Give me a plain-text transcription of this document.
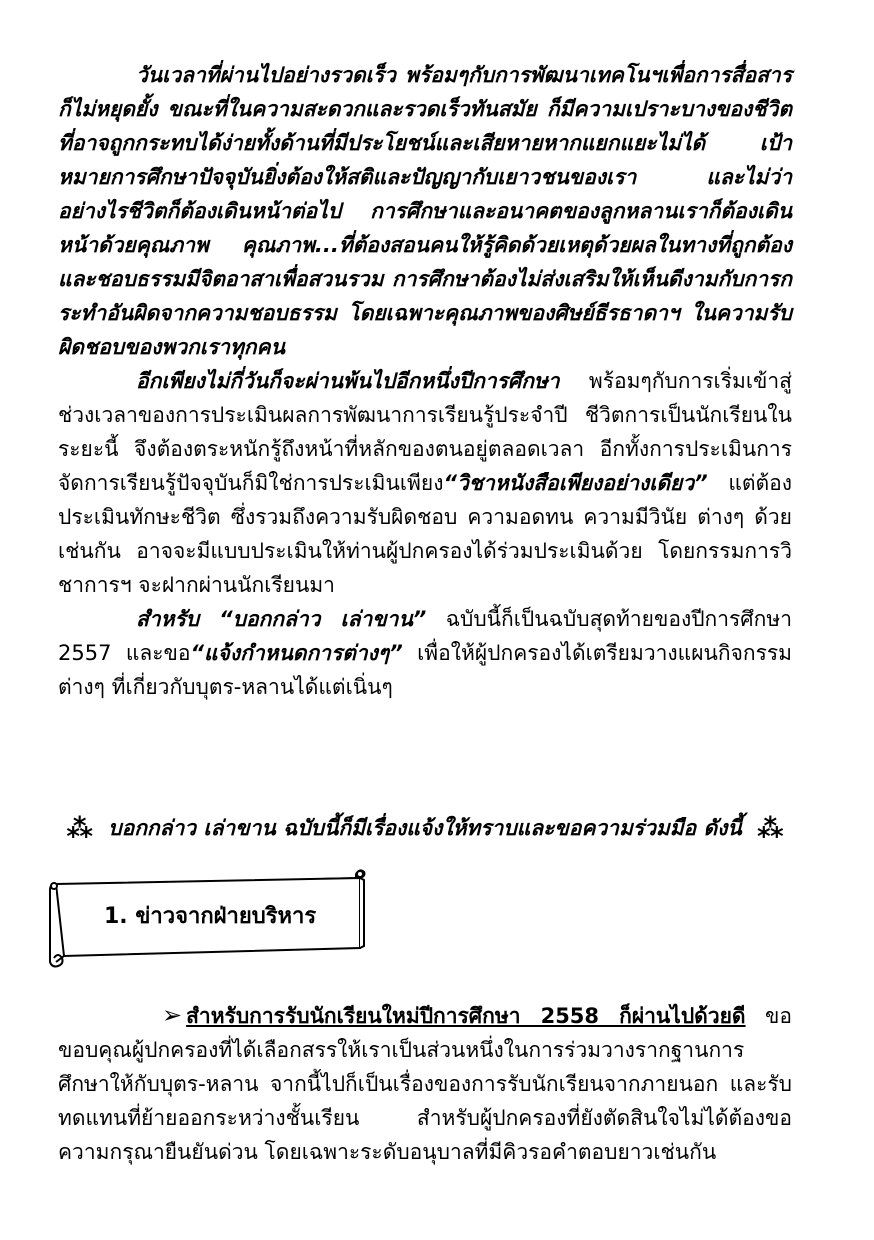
วันเวลาที่ผ่านไปอย่างรวดเร็ว พร้อมๆกับการพัฒนาเทคโนฯเพื่อการสื่อสารก็ไม่หยุดยั้ง ขณะที่ในความสะดวกและรวดเร็วทันสมัย ก็มีความเปราะบางของชีวิตที่อาจถูกกระทบได้ง่ายทั้งด้านที่มีประโยชน์และเสียหายหากแยกแยะไม่ได้ เป้าหมายการศึกษาปัจจุบันยิ่งต้องให้สติและปัญญากับเยาวชนของเรา และไม่ว่าอย่างไรชีวิตก็ต้องเดินหน้าต่อไป การศึกษาและอนาคตของลูกหลานเราก็ต้องเดินหน้าด้วยคุณภาพ คุณภาพ...ที่ต้องสอนคนให้รู้คิดด้วยเหตุด้วยผลในทางที่ถูกต้องและชอบธรรมมีจิตอาสาเพื่อสวนรวม การศึกษาต้องไม่ส่งเสริมให้เห็นดีงามกับการกระทำอันผิดจากความชอบธรรม โดยเฉพาะคุณภาพของศิษย์ธีรธาดาฯ ในความรับผิดชอบของพวกเราทุกคน

อีกเพียงไม่กี่วันก็จะผ่านพ้นไปอีกหนึ่งปีการศึกษา พร้อมๆกับการเริ่มเข้าสู่ช่วงเวลาของการประเมินผลการพัฒนาการเรียนรู้ประจำปี ชีวิตการเป็นนักเรียนในระยะนี้ จึงต้องตระหนักรู้ถึงหน้าที่หลักของตนอยู่ตลอดเวลา อีกทั้งการประเมินการจัดการเรียนรู้ปัจจุบันก็มิใช่การประเมินเพียง“วิชาหนังสือเพียงอย่างเดียว” แต่ต้องประเมินทักษะชีวิต ซึ่งรวมถึงความรับผิดชอบ ความอดทน ความมีวินัย ต่างๆ ด้วยเช่นกัน อาจจะมีแบบประเมินให้ท่านผู้ปกครองได้ร่วมประเมินด้วย โดยกรรมการวิชาการฯ จะฝากผ่านนักเรียนมา

สำหรับ “บอกกล่าว เล่าขาน” ฉบับนี้ก็เป็นฉบับสุดท้ายของปีการศึกษา 2557 และขอ“แจ้งกำหนดการต่างๆ” เพื่อให้ผู้ปกครองได้เตรียมวางแผนกิจกรรมต่างๆ ที่เกี่ยวกับบุตร-หลานได้แต่เนิ่นๆ

⁂ บอกกล่าว เล่าขาน ฉบับนี้ก็มีเรื่องแจ้งให้ทราบและขอความร่วมมือ ดังนี้ ⁂
1. ข่าวจากฝ่ายบริหาร

➢ สำหรับการรับนักเรียนใหม่ปีการศึกษา 2558 ก็ผ่านไปด้วยดี ขอขอบคุณผู้ปกครองที่ได้เลือกสรรให้เราเป็นส่วนหนึ่งในการร่วมวางรากฐานการศึกษาให้กับบุตร-หลาน จากนี้ไปก็เป็นเรื่องของการรับนักเรียนจากภายนอก และรับทดแทนที่ย้ายออกระหว่างชั้นเรียน สำหรับผู้ปกครองที่ยังตัดสินใจไม่ได้ต้องขอความกรุณายืนยันด่วน โดยเฉพาะระดับอนุบาลที่มีคิวรอคำตอบยาวเช่นกัน
